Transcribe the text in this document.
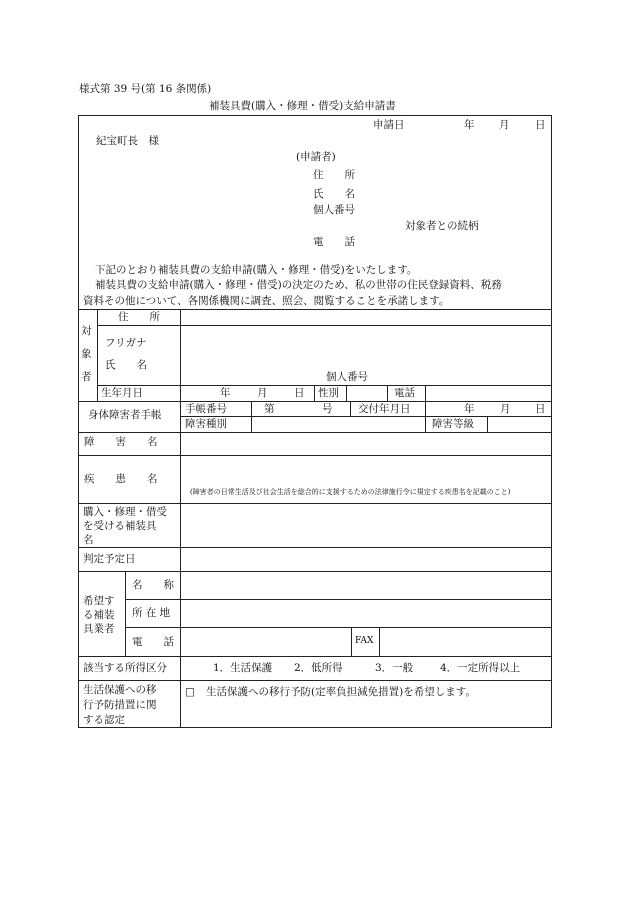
様式第 39 号(第 16 条関係)
補装具費(購入・修理・借受)支給申請書
申請日	年 月 日
紀宝町長　様
(申請者)
住　　所
氏　　名
個人番号
対象者との続柄
電　　話
下記のとおり補装具費の支給申請(購入・修理・借受)をいたします。
補装具費の支給申請(購入・修理・借受)の決定のため、私の世帯の住民登録資料、税務
資料その他について、各関係機関に調査、照会、閲覧することを承諾します。
対
象
者
住　　所
フリガナ
氏　　名
個人番号
生年月日	年	月	日 性別	電話
身体障害者手帳 手帳番号	第	号 交付年月日	年 月 日
障害種別	障害等級
障　　害　　名
疾　　患　　名
(障害者の日常生活及び社会生活を総合的に支援するための法律施行令に規定する疾患名を記載のこと)
購入・修理・借受
を受ける補装具
名
判定予定日
希望す
る補装
具業者
名　　称
所 在 地
電　　話	FAX
該当する所得区分	1．生活保護 2．低所得	3．一般	4．一定所得以上
生活保護への移
行予防措置に関
する認定
□ 生活保護への移行予防(定率負担減免措置)を希望します。
